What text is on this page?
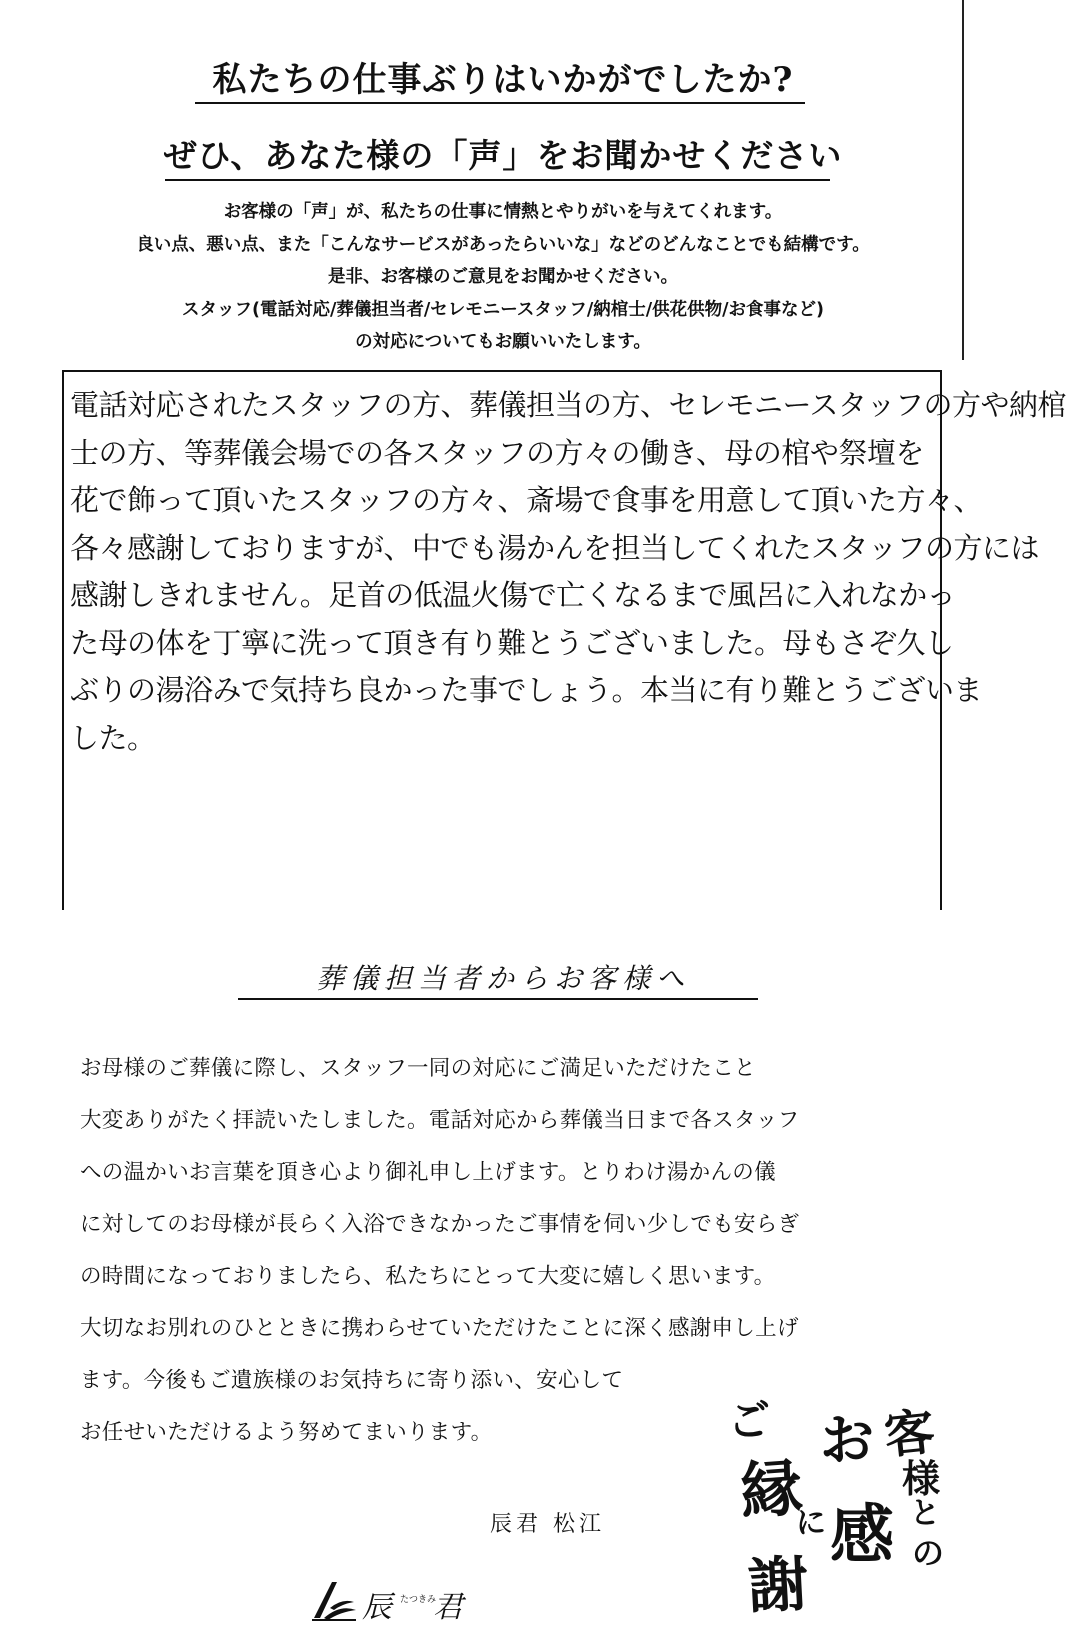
私たちの仕事ぶりはいかがでしたか?
ぜひ、あなた様の「声」をお聞かせください
お客様の「声」が、私たちの仕事に情熱とやりがいを与えてくれます。
良い点、悪い点、また「こんなサービスがあったらいいな」などのどんなことでも結構です。
是非、お客様のご意見をお聞かせください。
スタッフ(電話対応/葬儀担当者/セレモニースタッフ/納棺士/供花供物/お食事など)
の対応についてもお願いいたします。
電話対応されたスタッフの方、葬儀担当の方、セレモニースタッフの方や納棺
士の方、等葬儀会場での各スタッフの方々の働き、母の棺や祭壇を
花で飾って頂いたスタッフの方々、斎場で食事を用意して頂いた方々、
各々感謝しておりますが、中でも湯かんを担当してくれたスタッフの方には
感謝しきれません。足首の低温火傷で亡くなるまで風呂に入れなかっ
た母の体を丁寧に洗って頂き有り難とうございました。母もさぞ久し
ぶりの湯浴みで気持ち良かった事でしょう。本当に有り難とうございま
した。
葬儀担当者からお客様へ
お母様のご葬儀に際し、スタッフ一同の対応にご満足いただけたこと
大変ありがたく拝読いたしました。電話対応から葬儀当日まで各スタッフ
への温かいお言葉を頂き心より御礼申し上げます。とりわけ湯かんの儀
に対してのお母様が長らく入浴できなかったご事情を伺い少しでも安らぎ
の時間になっておりましたら、私たちにとって大変に嬉しく思います。
大切なお別れのひとときに携わらせていただけたことに深く感謝申し上げ
ます。今後もご遺族様のお気持ちに寄り添い、安心して
お任せいただけるよう努めてまいります。
辰君 松江
辰 たつきみ
君
お 客
様
と
の
ご
縁
に 感
謝
